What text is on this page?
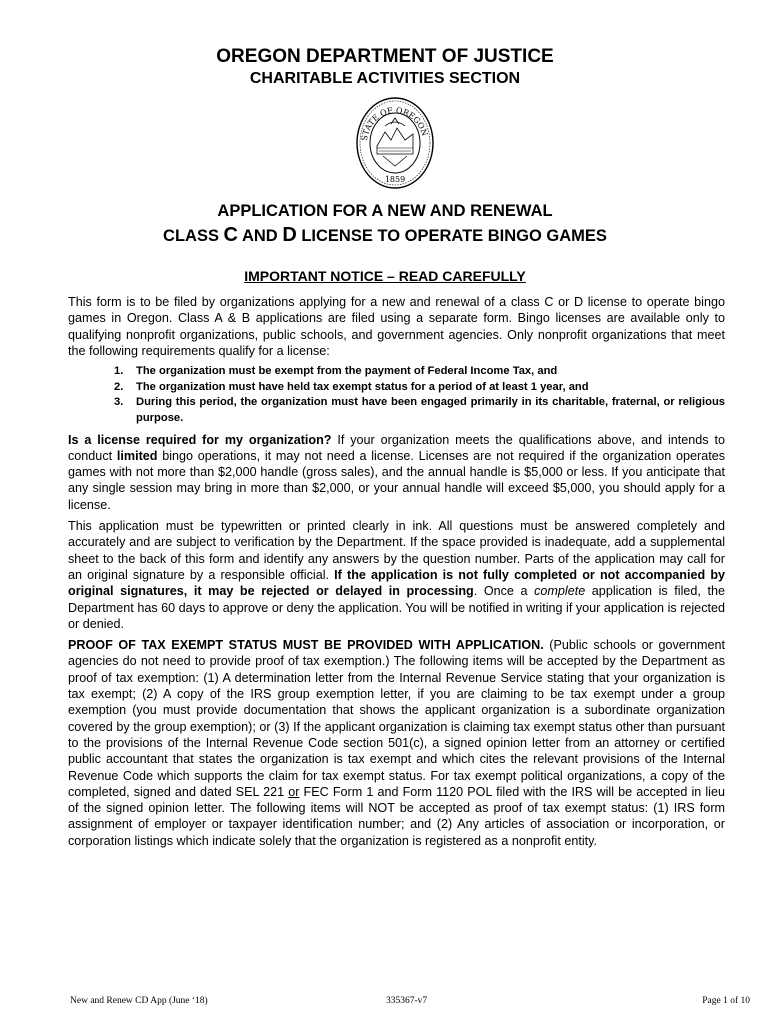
OREGON DEPARTMENT OF JUSTICE
CHARITABLE ACTIVITIES SECTION
STATE OF OREGON
1859
APPLICATION FOR A NEW AND RENEWAL
CLASS C AND D LICENSE TO OPERATE BINGO GAMES
IMPORTANT NOTICE – READ CAREFULLY

This form is to be filed by organizations applying for a new and renewal of a class C or D license to operate bingo games in Oregon. Class A & B applications are filed using a separate form. Bingo licenses are available only to qualifying nonprofit organizations, public schools, and government agencies. Only nonprofit organizations that meet the following requirements qualify for a license:

1.	The organization must be exempt from the payment of Federal Income Tax, and
2.	The organization must have held tax exempt status for a period of at least 1 year, and
3.	During this period, the organization must have been engaged primarily in its charitable, fraternal, or religious purpose.

Is a license required for my organization? If your organization meets the qualifications above, and intends to conduct limited bingo operations, it may not need a license. Licenses are not required if the organization operates games with not more than $2,000 handle (gross sales), and the annual handle is $5,000 or less. If you anticipate that any single session may bring in more than $2,000, or your annual handle will exceed $5,000, you should apply for a license.

This application must be typewritten or printed clearly in ink. All questions must be answered completely and accurately and are subject to verification by the Department. If the space provided is inadequate, add a supplemental sheet to the back of this form and identify any answers by the question number. Parts of the application may call for an original signature by a responsible official. If the application is not fully completed or not accompanied by original signatures, it may be rejected or delayed in processing. Once a complete application is filed, the Department has 60 days to approve or deny the application. You will be notified in writing if your application is rejected or denied.

PROOF OF TAX EXEMPT STATUS MUST BE PROVIDED WITH APPLICATION. (Public schools or government agencies do not need to provide proof of tax exemption.) The following items will be accepted by the Department as proof of tax exemption: (1) A determination letter from the Internal Revenue Service stating that your organization is tax exempt; (2) A copy of the IRS group exemption letter, if you are claiming to be tax exempt under a group exemption (you must provide documentation that shows the applicant organization is a subordinate organization covered by the group exemption); or (3) If the applicant organization is claiming tax exempt status other than pursuant to the provisions of the Internal Revenue Code section 501(c), a signed opinion letter from an attorney or certified public accountant that states the organization is tax exempt and which cites the relevant provisions of the Internal Revenue Code which supports the claim for tax exempt status. For tax exempt political organizations, a copy of the completed, signed and dated SEL 221 or FEC Form 1 and Form 1120 POL filed with the IRS will be accepted in lieu of the signed opinion letter. The following items will NOT be accepted as proof of tax exempt status: (1) IRS form assignment of employer or taxpayer identification number; and (2) Any articles of association or incorporation, or corporation listings which indicate solely that the organization is registered as a nonprofit entity.

New and Renew CD App (June ‘18)	335367-v7	Page 1 of 10
